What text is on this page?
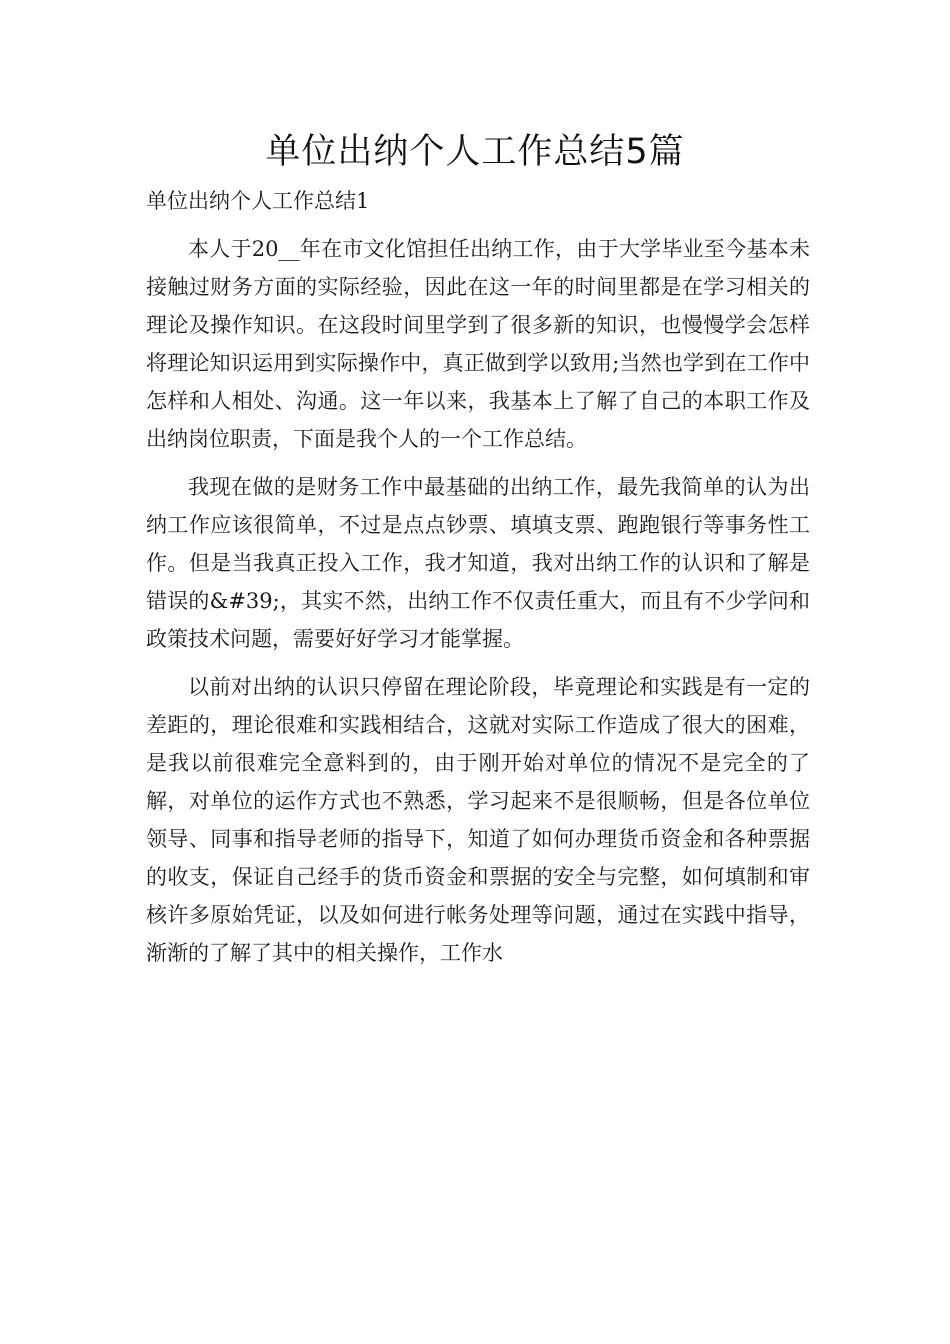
单位出纳个人工作总结5篇

单位出纳个人工作总结1

本人于20__年在市文化馆担任出纳工作，由于大学毕业至今基本未接触过财务方面的实际经验，因此在这一年的时间里都是在学习相关的理论及操作知识。在这段时间里学到了很多新的知识，也慢慢学会怎样将理论知识运用到实际操作中，真正做到学以致用;当然也学到在工作中怎样和人相处、沟通。这一年以来，我基本上了解了自己的本职工作及出纳岗位职责，下面是我个人的一个工作总结。

我现在做的是财务工作中最基础的出纳工作，最先我简单的认为出纳工作应该很简单，不过是点点钞票、填填支票、跑跑银行等事务性工作。但是当我真正投入工作，我才知道，我对出纳工作的认识和了解是错误的&#39;，其实不然，出纳工作不仅责任重大，而且有不少学问和政策技术问题，需要好好学习才能掌握。

以前对出纳的认识只停留在理论阶段，毕竟理论和实践是有一定的差距的，理论很难和实践相结合，这就对实际工作造成了很大的困难，是我以前很难完全意料到的，由于刚开始对单位的情况不是完全的了解，对单位的运作方式也不熟悉，学习起来不是很顺畅，但是各位单位领导、同事和指导老师的指导下，知道了如何办理货币资金和各种票据的收支，保证自己经手的货币资金和票据的安全与完整，如何填制和审核许多原始凭证，以及如何进行帐务处理等问题，通过在实践中指导，渐渐的了解了其中的相关操作，工作水
